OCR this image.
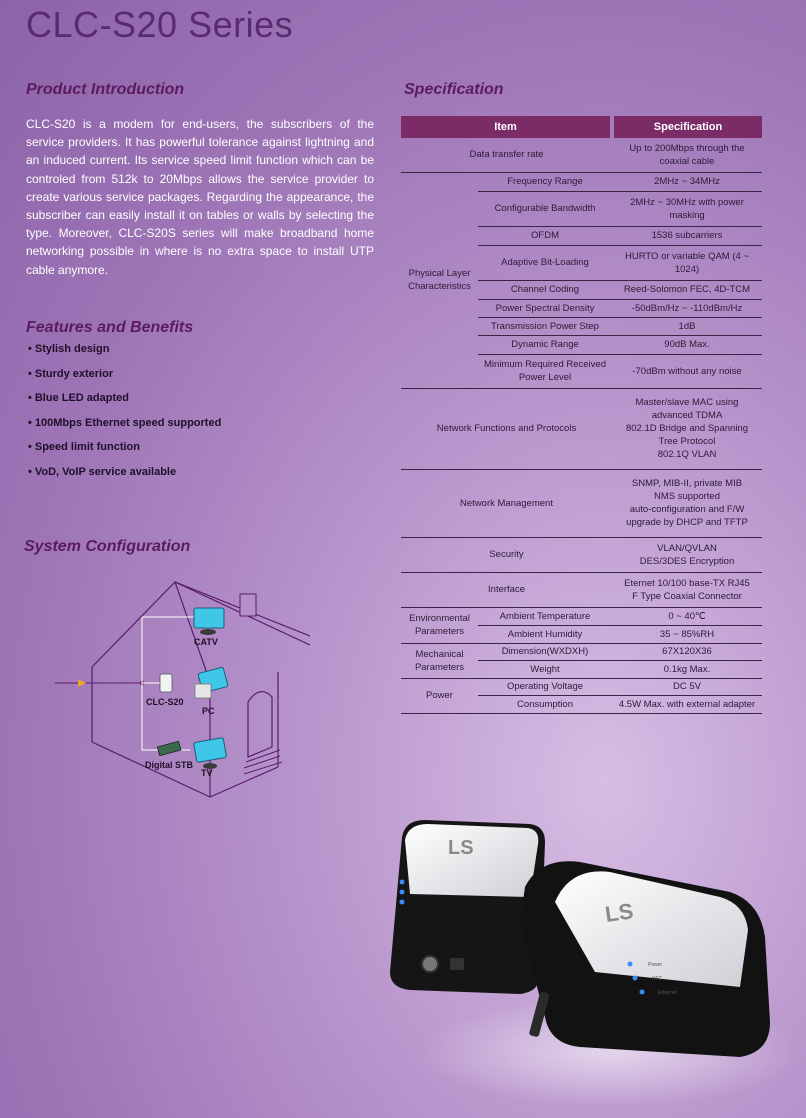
CLC-S20 Series
Product Introduction
CLC-S20 is a modem for end-users, the subscribers of the service providers. It has powerful tolerance against lightning and an induced current. Its service speed limit function which can be controled from 512k to 20Mbps allows the service provider to create various service packages. Regarding the appearance, the subscriber can easily install it on tables or walls by selecting the type. Moreover, CLC-S20S series will make broadband home networking possible in where is no extra space to install UTP cable anymore.
Features and Benefits
• Stylish design
• Sturdy exterior
• Blue LED adapted
• 100Mbps Ethernet speed supported
• Speed limit function
• VoD, VoIP service available
System Configuration
CATV
CLC-S20
PC
Digital STB
TV
Specification
Item		Specification
Data transfer rate		Up to 200Mbps through the coaxial cable
Physical Layer Characteristics	Frequency Range	2MHz ~ 34MHz
	Configurable Bandwidth	2MHz ~ 30MHz with power masking
	OFDM	1536 subcarriers
	Adaptive Bit-Loading	HURTO or variable QAM (4 ~ 1024)
	Channel Coding	Reed-Solomon FEC, 4D-TCM
	Power Spectral Density	-50dBm/Hz ~ -110dBm/Hz
	Transmission Power Step	1dB
	Dynamic Range	90dB Max.
	Minimum Required Received Power Level	-70dBm without any noise
Network Functions and Protocols		Master/slave MAC using
advanced TDMA
802.1D Bridge and Spanning
Tree Protocol
802.1Q VLAN

Network Management		SNMP, MIB-II, private MIB
NMS supported
auto-configuration and F/W
upgrade by DHCP and TFTP

Security		VLAN/QVLAN
DES/3DES Encryption

Interface		Eternet 10/100 base-TX RJ45
F Type Coaxial Connector

Environmental Parameters	Ambient Temperature	0 ~ 40℃
	Ambient Humidity	35 ~ 85%RH
Mechanical Parameters	Dimension(WXDXH)	67X120X36
	Weight	0.1kg Max.
Power	Operating Voltage	DC 5V
	Consumption	4.5W Max. with external adapter
LS
LS
Power
HFC
Ethernet
